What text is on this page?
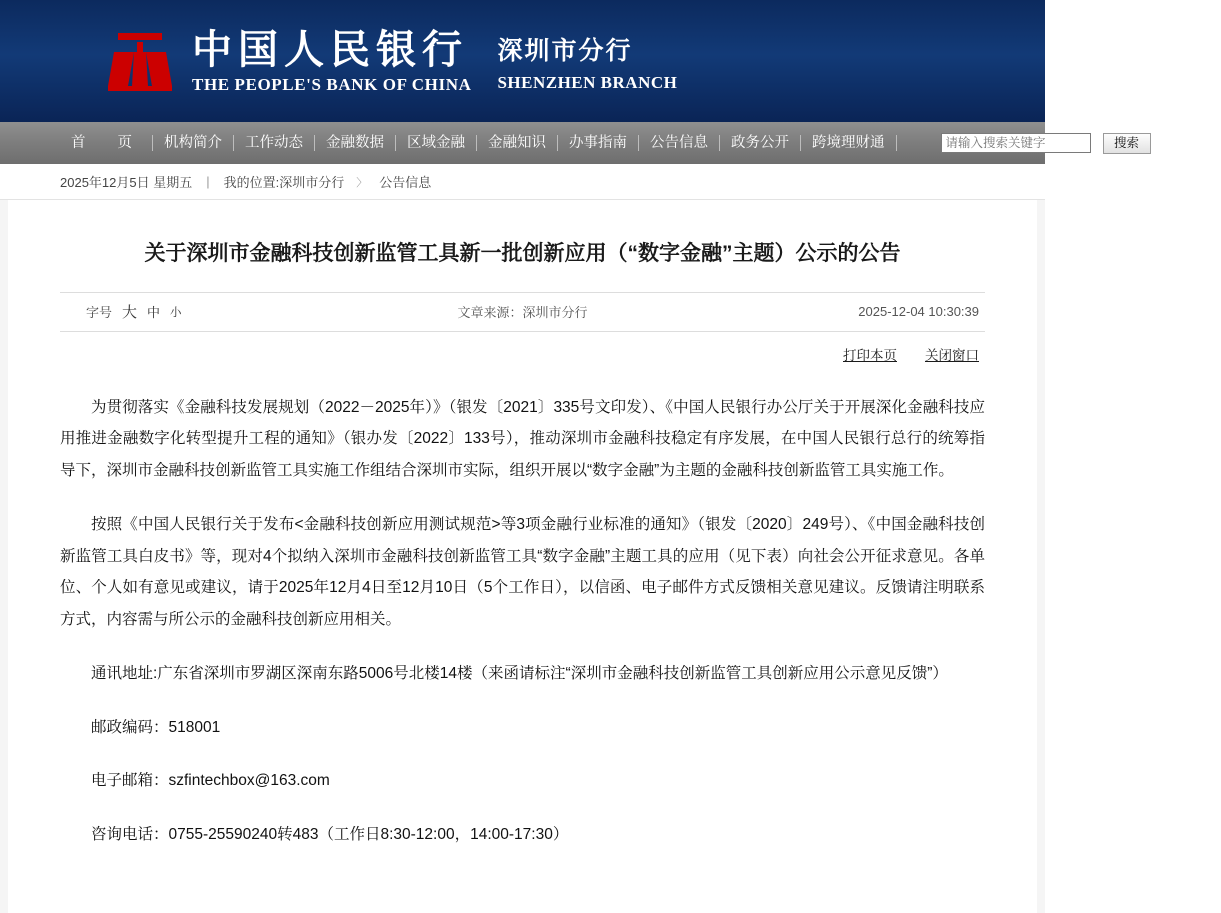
中国人民银行
THE PEOPLE'S BANK OF CHINA
深圳市分行
SHENZHEN BRANCH
首 页	机构简介	工作动态	金融数据	区域金融	金融知识	办事指南	公告信息	政务公开	跨境理财通
请输入搜索关键字	搜索	高级搜索
2025年12月5日 星期五 | 我的位置: 深圳市分行 〉 公告信息
关于深圳市金融科技创新监管工具新一批创新应用（“数字金融”主题）公示的公告
字号 大 中 小	文章来源：深圳市分行	2025-12-04 10:30:39
打印本页 关闭窗口

为贯彻落实《金融科技发展规划（2022－2025年）》（银发〔2021〕335号文印发）、《中国人民银行办公厅关于开展深化金融科技应用推进金融数字化转型提升工程的通知》（银办发〔2022〕133号），推动深圳市金融科技稳定有序发展，在中国人民银行总行的统筹指导下，深圳市金融科技创新监管工具实施工作组结合深圳市实际，组织开展以“数字金融”为主题的金融科技创新监管工具实施工作。

按照《中国人民银行关于发布<金融科技创新应用测试规范>等3项金融行业标准的通知》（银发〔2020〕249号）、《中国金融科技创新监管工具白皮书》等，现对4个拟纳入深圳市金融科技创新监管工具“数字金融”主题工具的应用（见下表）向社会公开征求意见。各单位、个人如有意见或建议，请于2025年12月4日至12月10日（5个工作日），以信函、电子邮件方式反馈相关意见建议。反馈请注明联系方式，内容需与所公示的金融科技创新应用相关。

通讯地址:广东省深圳市罗湖区深南东路5006号北楼14楼（来函请标注“深圳市金融科技创新监管工具创新应用公示意见反馈”）

邮政编码：518001

电子邮箱：szfintechbox@163.com

咨询电话：0755-25590240转483（工作日8:30-12:00，14:00-17:30）
